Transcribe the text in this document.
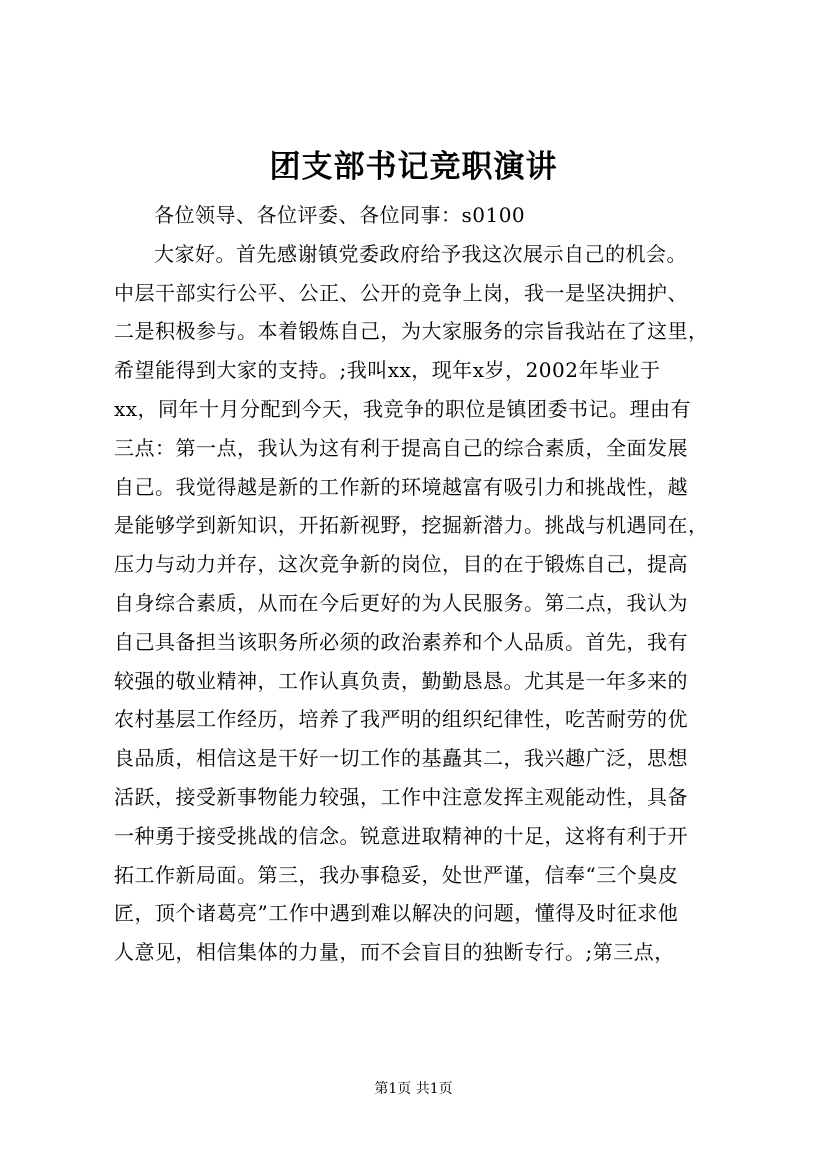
团支部书记竞职演讲
各位领导、各位评委、各位同事：s0100
大家好。首先感谢镇党委政府给予我这次展示自己的机会。
中层干部实行公平、公正、公开的竞争上岗，我一是坚决拥护、
二是积极参与。本着锻炼自己，为大家服务的宗旨我站在了这里，
希望能得到大家的支持。;我叫xx，现年x岁，2002年毕业于
xx，同年十月分配到今天，我竞争的职位是镇团委书记。理由有
三点：第一点，我认为这有利于提高自己的综合素质，全面发展
自己。我觉得越是新的工作新的环境越富有吸引力和挑战性，越
是能够学到新知识，开拓新视野，挖掘新潜力。挑战与机遇同在，
压力与动力并存，这次竞争新的岗位，目的在于锻炼自己，提高
自身综合素质，从而在今后更好的为人民服务。第二点，我认为
自己具备担当该职务所必须的政治素养和个人品质。首先，我有
较强的敬业精神，工作认真负责，勤勤恳恳。尤其是一年多来的
农村基层工作经历，培养了我严明的组织纪律性，吃苦耐劳的优
良品质，相信这是干好一切工作的基矗其二，我兴趣广泛，思想
活跃，接受新事物能力较强，工作中注意发挥主观能动性，具备
一种勇于接受挑战的信念。锐意进取精神的十足，这将有利于开
拓工作新局面。第三，我办事稳妥，处世严谨，信奉“三个臭皮
匠，顶个诸葛亮”工作中遇到难以解决的问题，懂得及时征求他
人意见，相信集体的力量，而不会盲目的独断专行。;第三点，
第1页 共1页
